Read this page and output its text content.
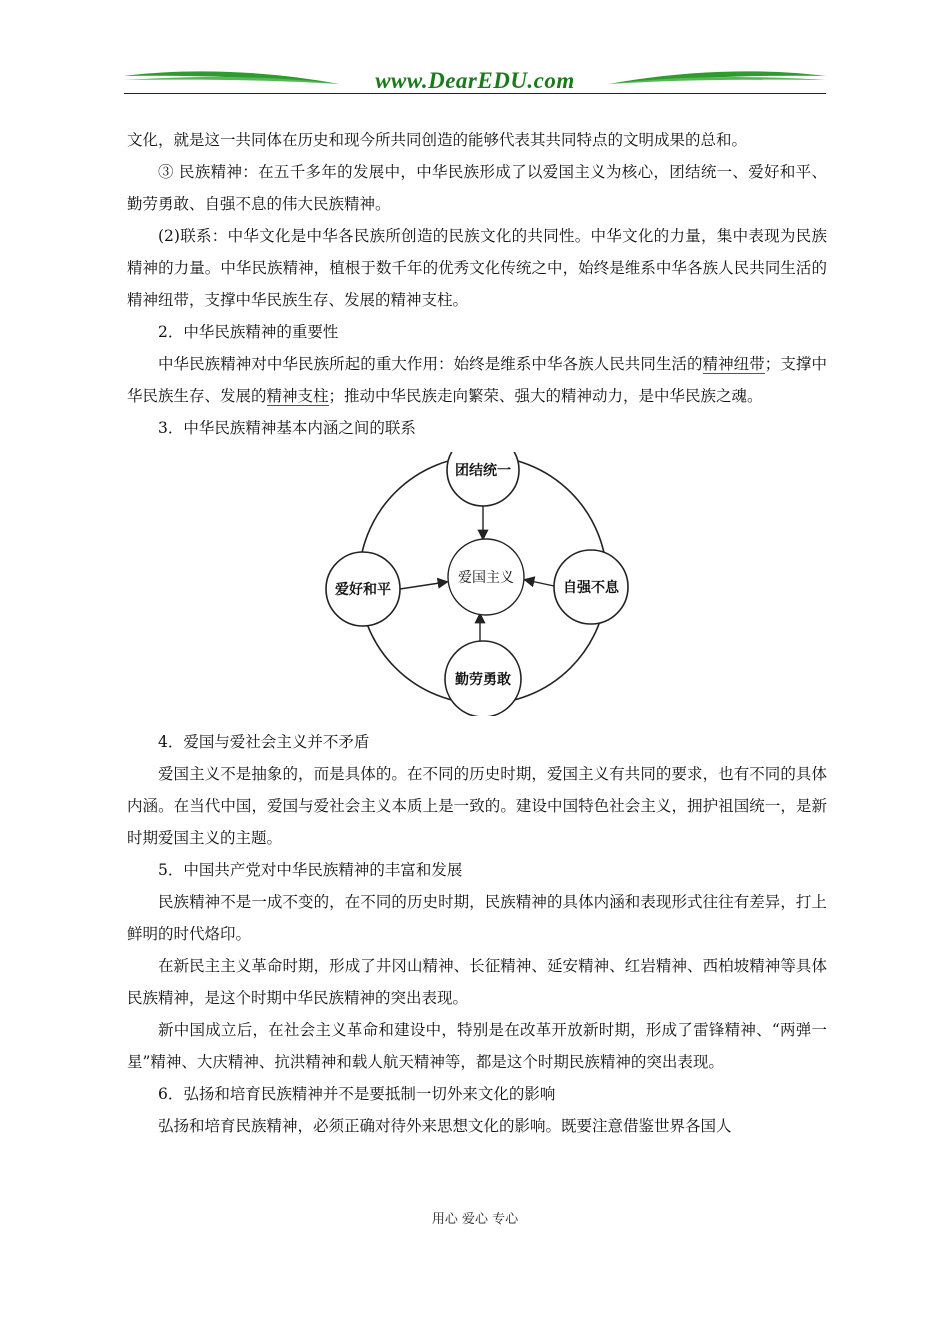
www.DearEDU.com

文化，就是这一共同体在历史和现今所共同创造的能够代表其共同特点的文明成果的总和。

③ 民族精神：在五千多年的发展中，中华民族形成了以爱国主义为核心，团结统一、爱好和平、勤劳勇敢、自强不息的伟大民族精神。

(2)联系：中华文化是中华各民族所创造的民族文化的共同性。中华文化的力量，集中表现为民族精神的力量。中华民族精神，植根于数千年的优秀文化传统之中，始终是维系中华各族人民共同生活的精神纽带，支撑中华民族生存、发展的精神支柱。

2．中华民族精神的重要性

中华民族精神对中华民族所起的重大作用：始终是维系中华各族人民共同生活的精神纽带；支撑中华民族生存、发展的精神支柱；推动中华民族走向繁荣、强大的精神动力，是中华民族之魂。

3．中华民族精神基本内涵之间的联系

团结统一
爱好和平	自强不息
勤劳勇敢
爱国主义

4．爱国与爱社会主义并不矛盾

爱国主义不是抽象的，而是具体的。在不同的历史时期，爱国主义有共同的要求，也有不同的具体内涵。在当代中国，爱国与爱社会主义本质上是一致的。建设中国特色社会主义，拥护祖国统一，是新时期爱国主义的主题。

5．中国共产党对中华民族精神的丰富和发展

民族精神不是一成不变的，在不同的历史时期，民族精神的具体内涵和表现形式往往有差异，打上鲜明的时代烙印。

在新民主主义革命时期，形成了井冈山精神、长征精神、延安精神、红岩精神、西柏坡精神等具体民族精神，是这个时期中华民族精神的突出表现。

新中国成立后，在社会主义革命和建设中，特别是在改革开放新时期，形成了雷锋精神、“两弹一星”精神、大庆精神、抗洪精神和载人航天精神等，都是这个时期民族精神的突出表现。

6．弘扬和培育民族精神并不是要抵制一切外来文化的影响

弘扬和培育民族精神，必须正确对待外来思想文化的影响。既要注意借鉴世界各国人

用心 爱心 专心
